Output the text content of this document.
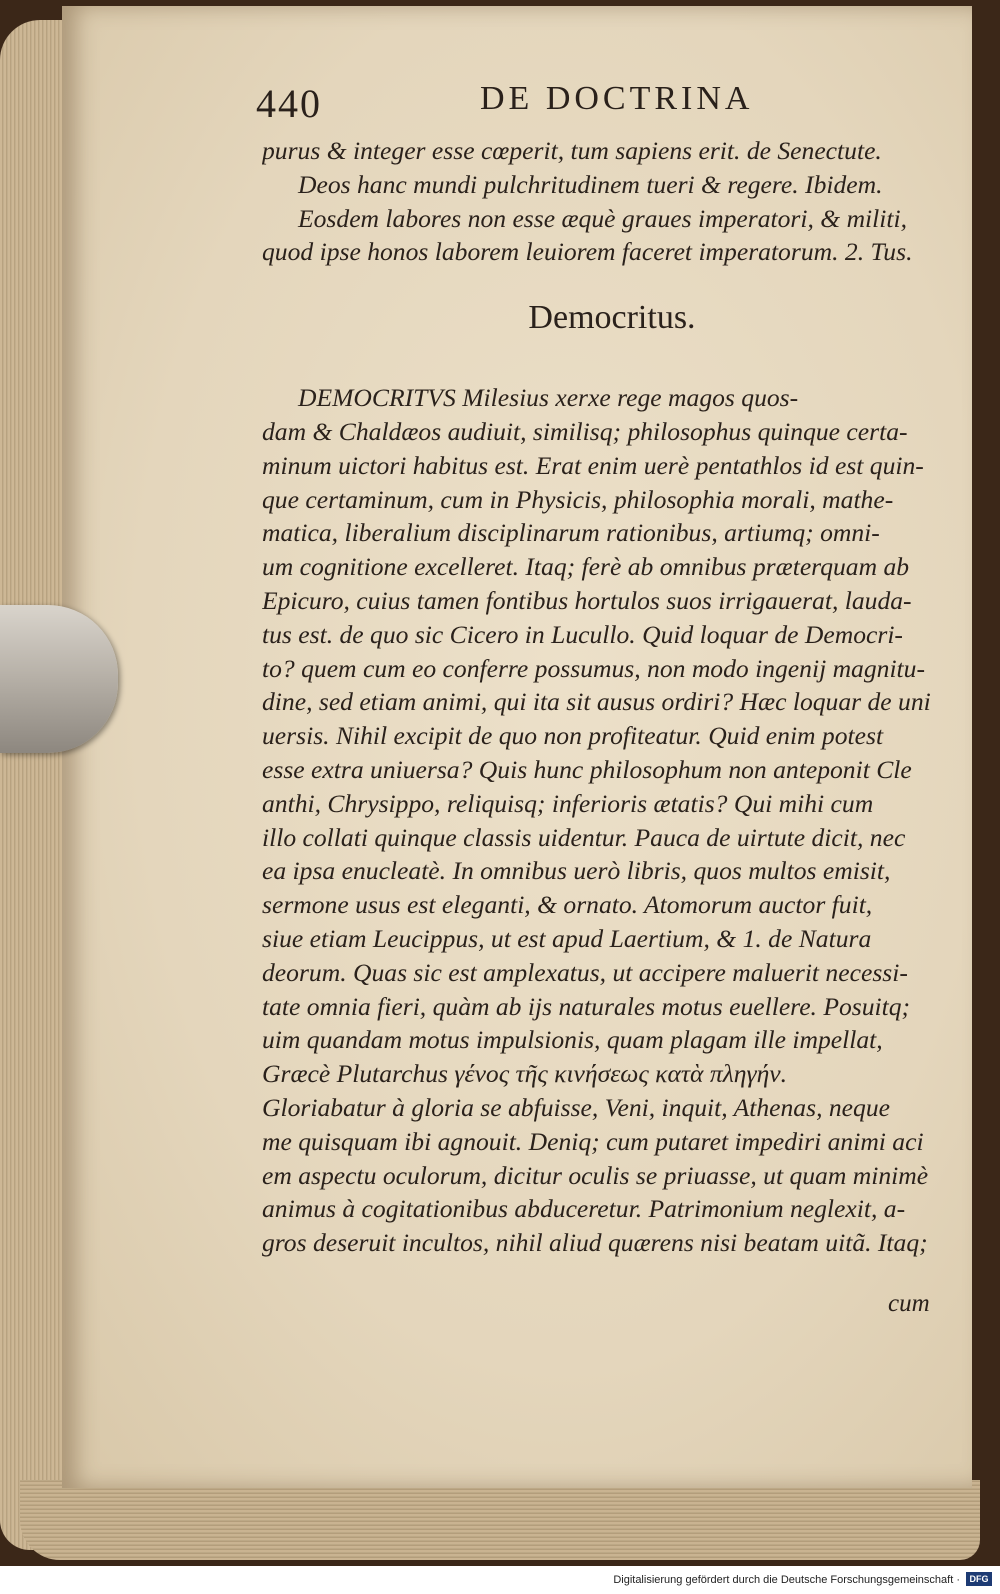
440	DE DOCTRINA
purus & integer esse cœperit, tum sapiens erit. de Senectute.
Deos hanc mundi pulchritudinem tueri & regere. Ibidem.
Eosdem labores non esse æquè graues imperatori, & militi,
quod ipse honos laborem leuiorem faceret imperatorum. 2. Tus.
Democritus.
DEMOCRITVS Milesius xerxe rege magos quos-
dam & Chaldæos audiuit, similisq; philosophus quinque certa-
minum uictori habitus est. Erat enim uerè pentathlos id est quin-
que certaminum, cum in Physicis, philosophia morali, mathe-
matica, liberalium disciplinarum rationibus, artiumq; omni-
um cognitione excelleret. Itaq; ferè ab omnibus præterquam ab
Epicuro, cuius tamen fontibus hortulos suos irrigauerat, lauda-
tus est. de quo sic Cicero in Lucullo. Quid loquar de Democri-
to? quem cum eo conferre possumus, non modo ingenij magnitu-
dine, sed etiam animi, qui ita sit ausus ordiri? Hæc loquar de uni
uersis. Nihil excipit de quo non profiteatur. Quid enim potest
esse extra uniuersa? Quis hunc philosophum non anteponit Cle
anthi, Chrysippo, reliquisq; inferioris ætatis? Qui mihi cum
illo collati quinque classis uidentur. Pauca de uirtute dicit, nec
ea ipsa enucleatè. In omnibus uerò libris, quos multos emisit,
sermone usus est eleganti, & ornato. Atomorum auctor fuit,
siue etiam Leucippus, ut est apud Laertium, & 1. de Natura
deorum. Quas sic est amplexatus, ut accipere maluerit necessi-
tate omnia fieri, quàm ab ijs naturales motus euellere. Posuitq;
uim quandam motus impulsionis, quam plagam ille impellat,
Græcè Plutarchus γένος τῆς κινήσεως κατὰ πληγήν.
Gloriabatur à gloria se abfuisse, Veni, inquit, Athenas, neque
me quisquam ibi agnouit. Deniq; cum putaret impediri animi aci
em aspectu oculorum, dicitur oculis se priuasse, ut quam minimè
animus à cogitationibus abduceretur. Patrimonium neglexit, a-
gros deseruit incultos, nihil aliud quærens nisi beatam uitã. Itaq;
cum
Digitalisierung gefördert durch die Deutsche Forschungsgemeinschaft ·	DFG
